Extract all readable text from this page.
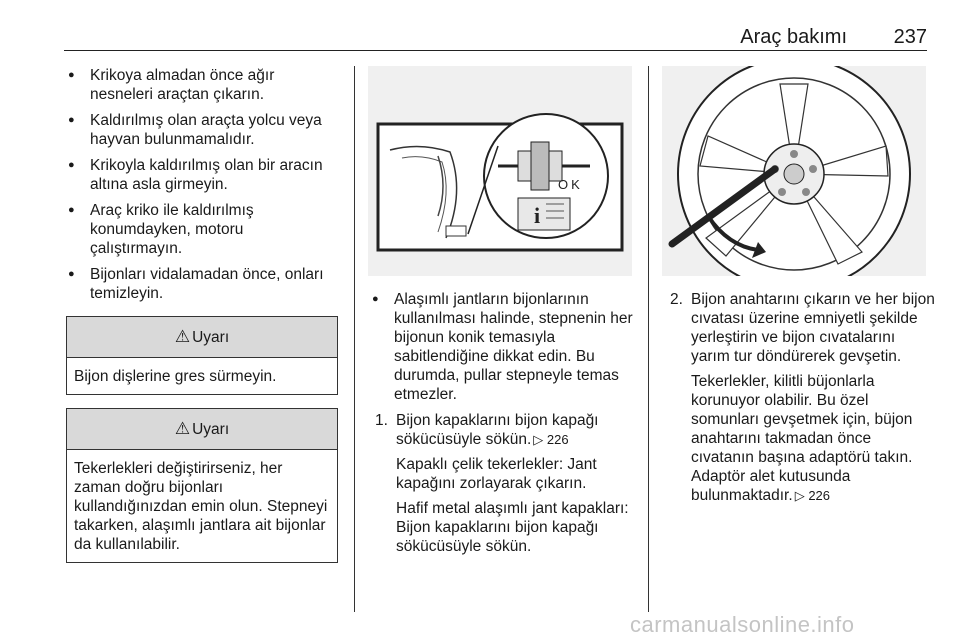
Araç bakımı 237
● Krikoya almadan önce ağır nesneleri araçtan çıkarın.
● Kaldırılmış olan araçta yolcu veya hayvan bulunmamalıdır.
● Krikoyla kaldırılmış olan bir aracın altına asla girmeyin.
● Araç kriko ile kaldırılmış konumdayken, motoru çalıştırmayın.
● Bijonları vidalamadan önce, onları temizleyin.
⚠ Uyarı
Bijon dişlerine gres sürmeyin.
⚠ Uyarı
Tekerlekleri değiştirirseniz, her zaman doğru bijonları kullandığınızdan emin olun. Stepneyi takarken, alaşımlı jantlara ait bijonlar da kullanılabilir.
OK
i
● Alaşımlı jantların bijonlarının kullanılması halinde, stepnenin her bijonun konik temasıyla sabitlendiğine dikkat edin. Bu durumda, pullar stepneyle temas etmezler.
1. Bijon kapaklarını bijon kapağı sökücüsüyle sökün. ▷ 226
Kapaklı çelik tekerlekler: Jant kapağını zorlayarak çıkarın.
Hafif metal alaşımlı jant kapakları: Bijon kapaklarını bijon kapağı sökücüsüyle sökün.
2. Bijon anahtarını çıkarın ve her bijon cıvatası üzerine emniyetli şekilde yerleştirin ve bijon cıvatalarını yarım tur döndürerek gevşetin.
Tekerlekler, kilitli büjonlarla korunuyor olabilir. Bu özel somunları gevşetmek için, büjon anahtarını takmadan önce cıvatanın başına adaptörü takın. Adaptör alet kutusunda bulunmaktadır. ▷ 226
carmanualsonline.info
